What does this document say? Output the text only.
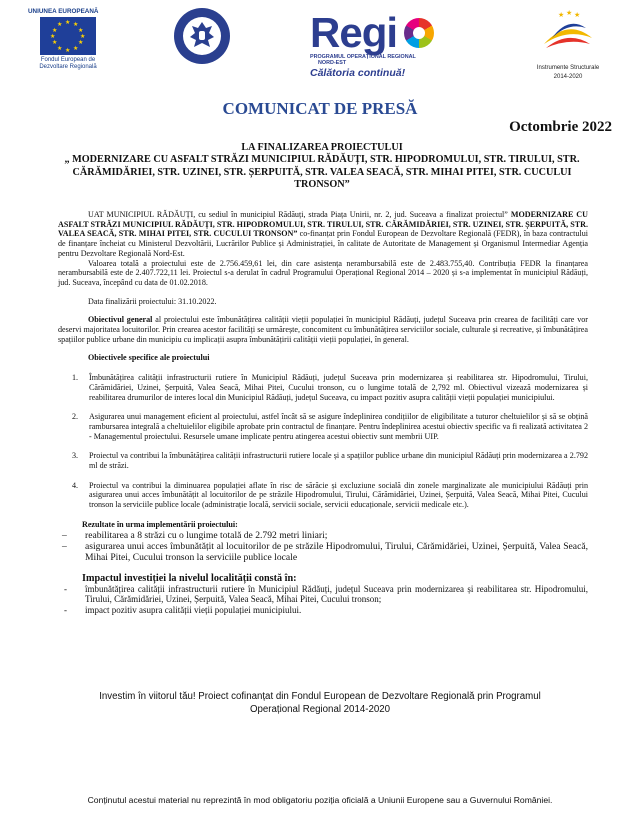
UNIUNEA EUROPEANĂ
★ ★
★
★
★
★
★
★
★
★
★
★
Fondul European de
Dezvoltare Regională
Regi
PROGRAMUL OPERAȚIONAL REGIONAL NORD-EST
Călătoria continuă!
★ ★ ★
Instrumente Structurale
2014-2020
COMUNICAT DE PRESĂ
Octombrie 2022
LA FINALIZAREA PROIECTULUI
„ MODERNIZARE CU ASFALT STRĂZI MUNICIPIUL RĂDĂUȚI, STR. HIPODROMULUI, STR. TIRULUI, STR. CĂRĂMIDĂRIEI, STR. UZINEI, STR. ȘERPUITĂ, STR. VALEA SEACĂ, STR. MIHAI PITEI, STR. CUCULUI TRONSON”

UAT MUNICIPIUL RĂDĂUȚI, cu sediul în municipiul Rădăuți, strada Piața Unirii, nr. 2, jud. Suceava a finalizat proiectul” MODERNIZARE CU ASFALT STRĂZI MUNICIPIUL RĂDĂUȚI, STR. HIPODROMULUI, STR. TIRULUI, STR. CĂRĂMIDĂRIEI, STR. UZINEI, STR. ȘERPUITĂ, STR. VALEA SEACĂ, STR. MIHAI PITEI, STR. CUCULUI TRONSON” co-finanțat prin Fondul European de Dezvoltare Regională (FEDR), în baza contractului de finanțare încheiat cu Ministerul Dezvoltării, Lucrărilor Publice și Administrației, în calitate de Autoritate de Management și Organismul Intermediar Agenția pentru Dezvoltare Regională Nord-Est.

Valoarea totală a proiectului este de 2.756.459,61 lei, din care asistența nerambursabilă este de 2.483.755,40. Contribuția FEDR la finanțarea nerambursabilă este de 2.407.722,11 lei. Proiectul s-a derulat în cadrul Programului Operațional Regional 2014 – 2020 și s-a implementat în municipiul Rădăuți, jud. Suceava, începând cu data de 01.02.2018.

Data finalizării proiectului: 31.10.2022.

Obiectivul general al proiectului este îmbunătățirea calității vieții populației în municipiul Rădăuți, județul Suceava prin crearea de facilități care vor deservi majoritatea locuitorilor. Prin crearea acestor facilități se urmărește, concomitent cu îmbunătățirea serviciilor sociale, culturale și recreative, și îmbunătățirea spațiilor publice urbane din municipiu cu implicații asupra îmbunătățirii calității vieții populației, în general.

Obiectivele specifice ale proiectului

1. Îmbunătățirea calității infrastructurii rutiere în Municipiul Rădăuți, județul Suceava prin modernizarea și reabilitarea str. Hipodromului, Tirului, Cărămidăriei, Uzinei, Șerpuită, Valea Seacă, Mihai Pitei, Cucului tronson, cu o lungime totală de 2,792 ml. Obiectivul vizează modernizarea și reabilitarea drumurilor de interes local din Municipiul Rădăuți, județul Suceava, cu impact pozitiv asupra calității vieții populației municipiului.
2. Asigurarea unui management eficient al proiectului, astfel încât să se asigure îndeplinirea condițiilor de eligibilitate a tuturor cheltuielilor și să se obțină rambursarea integrală a cheltuielilor eligibile aprobate prin contractul de finanțare. Pentru îndeplinirea acestui obiectiv specific va fi realizată activitatea 2 - Managementul proiectului. Resursele umane implicate pentru atingerea acestui obiectiv sunt membrii UIP.
3. Proiectul va contribui la îmbunătățirea calității infrastructurii rutiere locale și a spațiilor publice urbane din municipiul Rădăuți prin modernizarea a 2.792 ml de străzi.
4. Proiectul va contribui la diminuarea populației aflate în risc de sărăcie și excluziune socială din zonele marginalizate ale municipiului Rădăuți prin asigurarea unui acces îmbunătățit al locuitorilor de pe străzile Hipodromului, Tirului, Cărămidăriei, Uzinei, Șerpuită, Valea Seacă, Mihai Pitei, Cucului tronson la serviciile publice locale (administrație locală, servicii sociale, servicii educaționale, servicii medicale etc.).

Rezultate în urma implementării proiectului:

– reabilitarea a 8 străzi cu o lungime totală de 2.792 metri liniari;
– asigurarea unui acces îmbunătățit al locuitorilor de pe străzile Hipodromului, Tirului, Cărămidăriei, Uzinei, Șerpuită, Valea Seacă, Mihai Pitei, Cucului tronson la serviciile publice locale

Impactul investiției la nivelul localității constă în:

- îmbunătățirea calității infrastructurii rutiere în Municipiul Rădăuți, județul Suceava prin modernizarea și reabilitarea str. Hipodromului, Tirului, Cărămidăriei, Uzinei, Șerpuită, Valea Seacă, Mihai Pitei, Cucului tronson;
- impact pozitiv asupra calității vieții populației municipiului.
Investim în viitorul tău! Proiect cofinanțat din Fondul European de Dezvoltare Regională prin Programul
Operațional Regional 2014-2020
Conținutul acestui material nu reprezintă în mod obligatoriu poziția oficială a Uniunii Europene sau a Guvernului României.
